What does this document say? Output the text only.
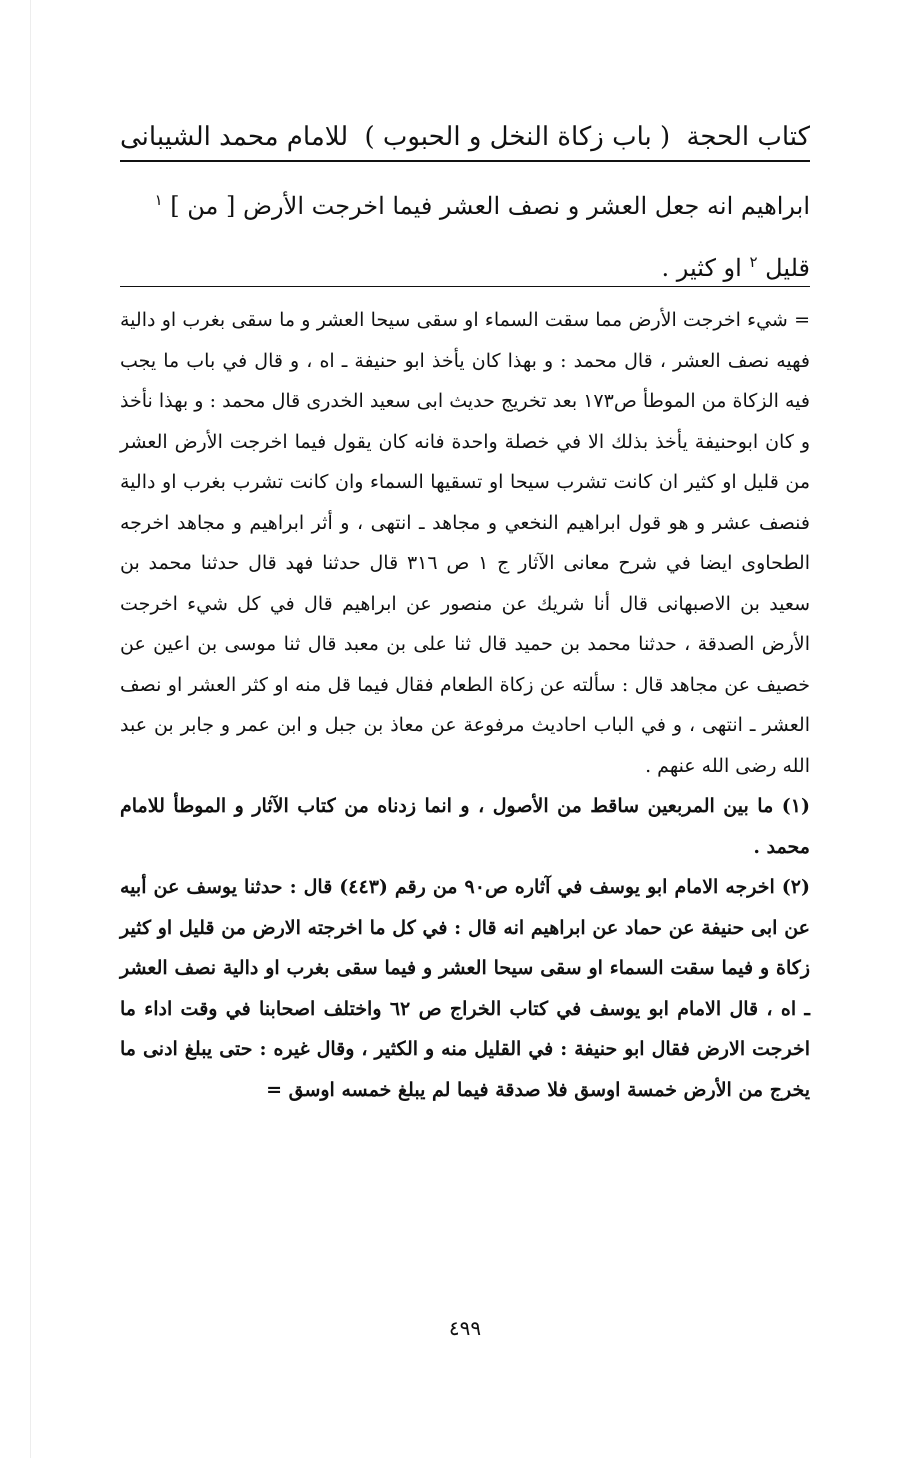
كتاب الحجة
( باب زكاة النخل و الحبوب )
للامام محمد الشيبانى

ابراهيم انه جعل العشر و نصف العشر فيما اخرجت الأرض [ من ] $^١$
قليل $^٢$ او كثير .

= شيء اخرجت الأرض مما سقت السماء او سقى سيحا العشر و ما سقى بغرب او دالية فهيه نصف العشر ، قال محمد : و بهذا كان يأخذ ابو حنيفة ـ اه ، و قال في باب ما يجب فيه الزكاة من الموطأ ص١٧٣ بعد تخريج حديث ابى سعيد الخدرى قال محمد : و بهذا نأخذ و كان ابوحنيفة يأخذ بذلك الا في خصلة واحدة فانه كان يقول فيما اخرجت الأرض العشر من قليل او كثير ان كانت تشرب سيحا او تسقيها السماء وان كانت تشرب بغرب او دالية فنصف عشر و هو قول ابراهيم النخعي و مجاهد ـ انتهى ، و أثر ابراهيم و مجاهد اخرجه الطحاوى ايضا في شرح معانى الآثار ج ١ ص ٣١٦ قال حدثنا فهد قال حدثنا محمد بن سعيد بن الاصبهانى قال أنا شريك عن منصور عن ابراهيم قال في كل شيء اخرجت الأرض الصدقة ، حدثنا محمد بن حميد قال ثنا على بن معبد قال ثنا موسى بن اعين عن خصيف عن مجاهد قال : سألته عن زكاة الطعام فقال فيما قل منه او كثر العشر او نصف العشر ـ انتهى ، و في الباب احاديث مرفوعة عن معاذ بن جبل و ابن عمر و جابر بن عبد الله رضى الله عنهم .

(١) ما بين المربعين ساقط من الأصول ، و انما زدناه من كتاب الآثار و الموطأ للامام محمد .

(٢) اخرجه الامام ابو يوسف في آثاره ص٩٠ من رقم (٤٤٣) قال : حدثنا يوسف عن أبيه عن ابى حنيفة عن حماد عن ابراهيم انه قال : في كل ما اخرجته الارض من قليل او كثير زكاة و فيما سقت السماء او سقى سيحا العشر و فيما سقى بغرب او دالية نصف العشر ـ اه ، قال الامام ابو يوسف في كتاب الخراج ص ٦٢ واختلف اصحابنا في وقت اداء ما اخرجت الارض فقال ابو حنيفة : في القليل منه و الكثير ، وقال غيره : حتى يبلغ ادنى ما يخرج من الأرض خمسة اوسق فلا صدقة فيما لم يبلغ خمسه اوسق =

٤٩٩
